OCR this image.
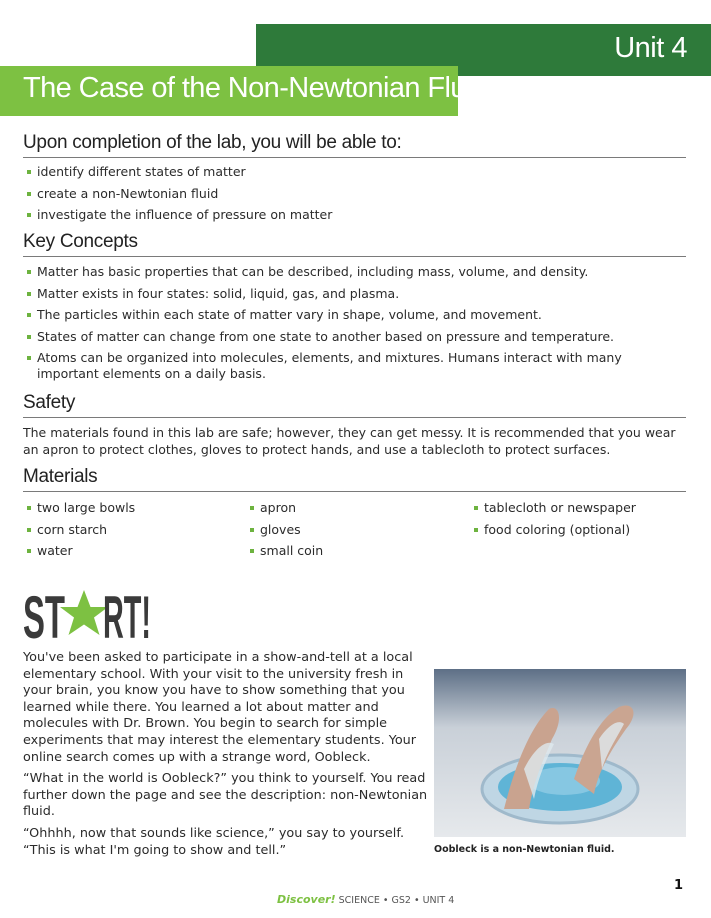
Unit 4
The Case of the Non-Newtonian Fluid
Upon completion of the lab, you will be able to:
identify different states of matter
create a non-Newtonian fluid
investigate the influence of pressure on matter
Key Concepts
Matter has basic properties that can be described, including mass, volume, and density.
Matter exists in four states: solid, liquid, gas, and plasma.
The particles within each state of matter vary in shape, volume, and movement.
States of matter can change from one state to another based on pressure and temperature.
Atoms can be organized into molecules, elements, and mixtures. Humans interact with many important elements on a daily basis.
Safety

The materials found in this lab are safe; however, they can get messy. It is recommended that you wear an apron to protect clothes, gloves to protect hands, and use a tablecloth to protect surfaces.

Materials
two large bowls
corn starch
water
apron
gloves
small coin
tablecloth or newspaper
food coloring (optional)
ST RT!

You've been asked to participate in a show-and-tell at a local elementary school. With your visit to the university fresh in your brain, you know you have to show something that you learned while there. You learned a lot about matter and molecules with Dr. Brown. You begin to search for simple experiments that may interest the elementary students. Your online search comes up with a strange word, Oobleck.

“What in the world is Oobleck?” you think to yourself. You read further down the page and see the description: non-Newtonian fluid.

“Ohhhh, now that sounds like science,” you say to yourself. “This is what I'm going to show and tell.”	Oobleck is a non-Newtonian fluid.
1
Discover! SCIENCE • GS2 • UNIT 4
